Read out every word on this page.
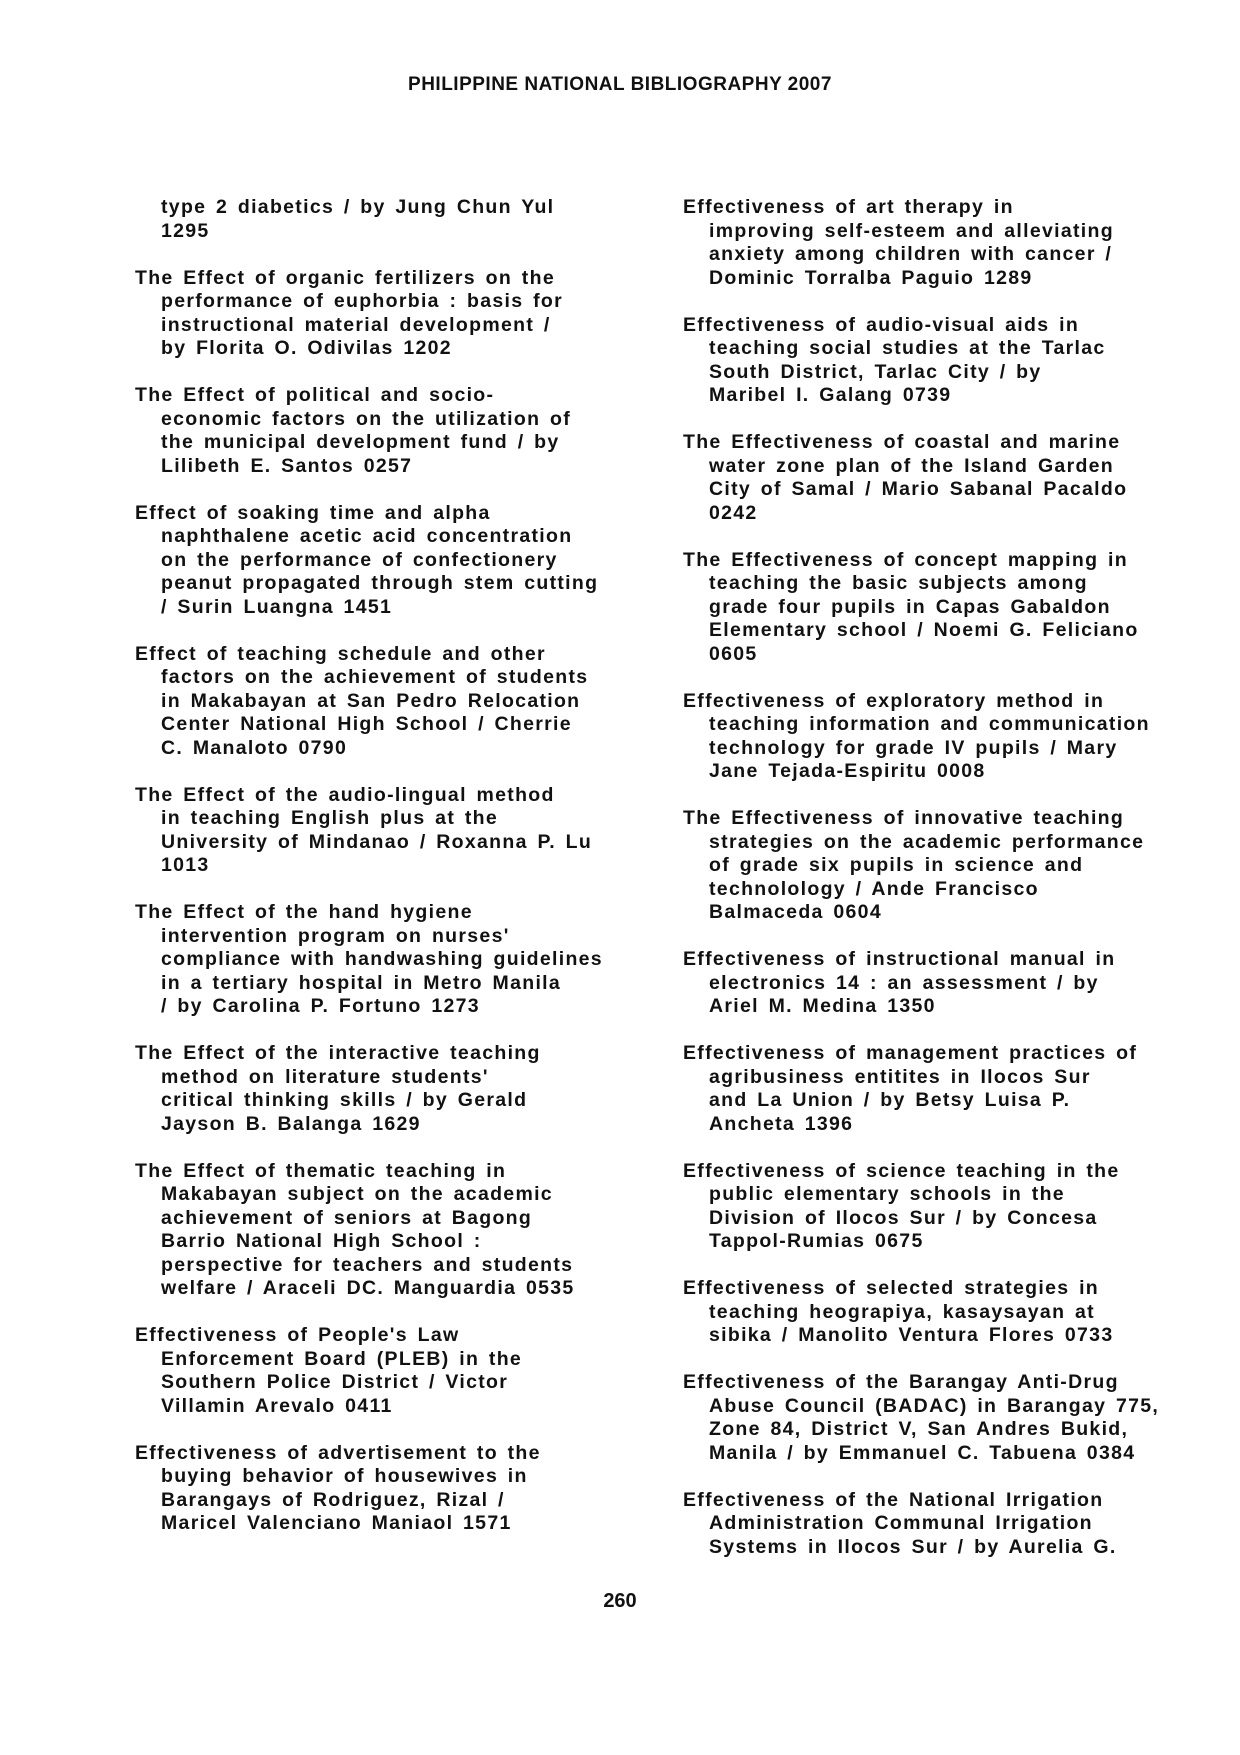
PHILIPPINE NATIONAL BIBLIOGRAPHY 2007

type 2 diabetics / by Jung Chun Yul
1295

The Effect of organic fertilizers on the
performance of euphorbia : basis for
instructional material development /
by Florita O. Odivilas 1202

The Effect of political and socio-
economic factors on the utilization of
the municipal development fund / by
Lilibeth E. Santos 0257

Effect of soaking time and alpha
naphthalene acetic acid concentration
on the performance of confectionery
peanut propagated through stem cutting
/ Surin Luangna 1451

Effect of teaching schedule and other
factors on the achievement of students
in Makabayan at San Pedro Relocation
Center National High School / Cherrie
C. Manaloto 0790

The Effect of the audio-lingual method
in teaching English plus at the
University of Mindanao / Roxanna P. Lu
1013

The Effect of the hand hygiene
intervention program on nurses'
compliance with handwashing guidelines
in a tertiary hospital in Metro Manila
/ by Carolina P. Fortuno 1273

The Effect of the interactive teaching
method on literature students'
critical thinking skills / by Gerald
Jayson B. Balanga 1629

The Effect of thematic teaching in
Makabayan subject on the academic
achievement of seniors at Bagong
Barrio National High School :
perspective for teachers and students
welfare / Araceli DC. Manguardia 0535

Effectiveness of People's Law
Enforcement Board (PLEB) in the
Southern Police District / Victor
Villamin Arevalo 0411

Effectiveness of advertisement to the
buying behavior of housewives in
Barangays of Rodriguez, Rizal /
Maricel Valenciano Maniaol 1571

Effectiveness of art therapy in
improving self-esteem and alleviating
anxiety among children with cancer /
Dominic Torralba Paguio 1289

Effectiveness of audio-visual aids in
teaching social studies at the Tarlac
South District, Tarlac City / by
Maribel I. Galang 0739

The Effectiveness of coastal and marine
water zone plan of the Island Garden
City of Samal / Mario Sabanal Pacaldo
0242

The Effectiveness of concept mapping in
teaching the basic subjects among
grade four pupils in Capas Gabaldon
Elementary school / Noemi G. Feliciano
0605

Effectiveness of exploratory method in
teaching information and communication
technology for grade IV pupils / Mary
Jane Tejada-Espiritu 0008

The Effectiveness of innovative teaching
strategies on the academic performance
of grade six pupils in science and
technolology / Ande Francisco
Balmaceda 0604

Effectiveness of instructional manual in
electronics 14 : an assessment / by
Ariel M. Medina 1350

Effectiveness of management practices of
agribusiness entitites in Ilocos Sur
and La Union / by Betsy Luisa P.
Ancheta 1396

Effectiveness of science teaching in the
public elementary schools in the
Division of Ilocos Sur / by Concesa
Tappol-Rumias 0675

Effectiveness of selected strategies in
teaching heograpiya, kasaysayan at
sibika / Manolito Ventura Flores 0733

Effectiveness of the Barangay Anti-Drug
Abuse Council (BADAC) in Barangay 775,
Zone 84, District V, San Andres Bukid,
Manila / by Emmanuel C. Tabuena 0384

Effectiveness of the National Irrigation
Administration Communal Irrigation
Systems in Ilocos Sur / by Aurelia G.

260
